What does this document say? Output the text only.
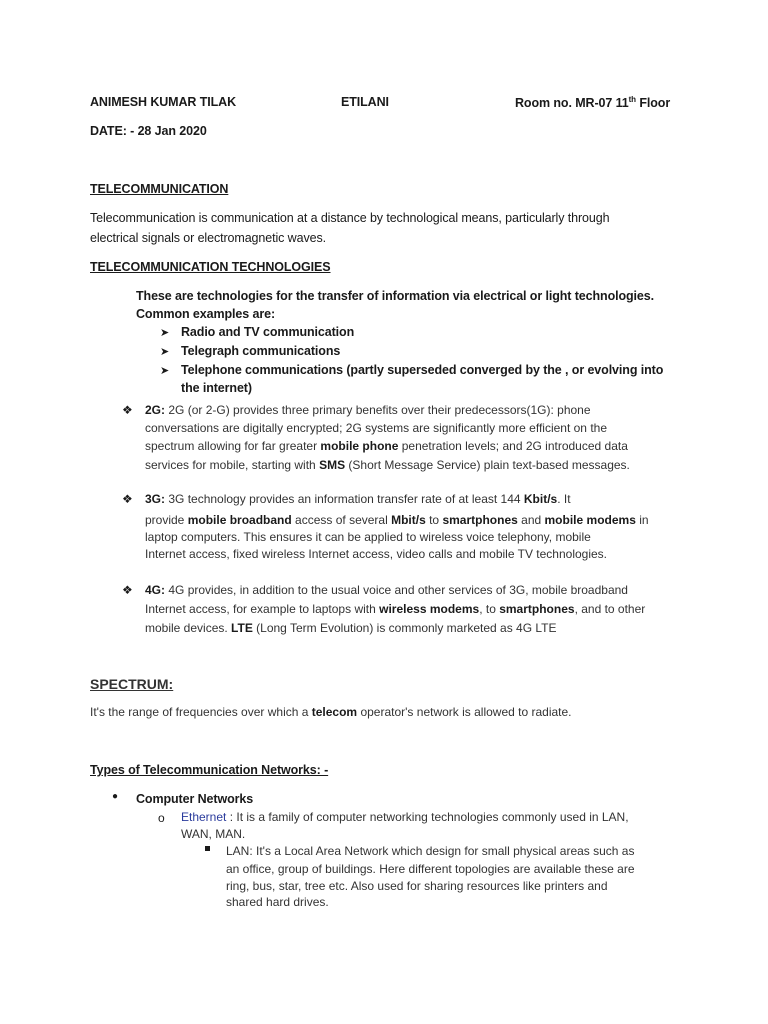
ANIMESH KUMAR TILAK	ETILANI	Room no. MR-07 11th Floor
DATE: - 28 Jan 2020
TELECOMMUNICATION
Telecommunication is communication at a distance by technological means, particularly through
electrical signals or electromagnetic waves.
TELECOMMUNICATION TECHNOLOGIES
These are technologies for the transfer of information via electrical or light technologies.
Common examples are:
➤ Radio and TV communication
➤ Telegraph communications
➤ Telephone communications (partly superseded converged by the , or evolving into
the internet)
❖ 2G: 2G (or 2-G) provides three primary benefits over their predecessors(1G): phone
conversations are digitally encrypted; 2G systems are significantly more efficient on the
spectrum allowing for far greater mobile phone penetration levels; and 2G introduced data
services for mobile, starting with SMS (Short Message Service) plain text-based messages.
❖ 3G: 3G technology provides an information transfer rate of at least 144 Kbit/s. It
provide mobile broadband access of several Mbit/s to smartphones and mobile modems in
laptop computers. This ensures it can be applied to wireless voice telephony, mobile
Internet access, fixed wireless Internet access, video calls and mobile TV technologies.
❖ 4G: 4G provides, in addition to the usual voice and other services of 3G, mobile broadband
Internet access, for example to laptops with wireless modems, to smartphones, and to other
mobile devices. LTE (Long Term Evolution) is commonly marketed as 4G LTE
SPECTRUM:
It's the range of frequencies over which a telecom operator's network is allowed to radiate.
Types of Telecommunication Networks: -
● Computer Networks
o Ethernet : It is a family of computer networking technologies commonly used in LAN,
WAN, MAN.
LAN: It's a Local Area Network which design for small physical areas such as
an office, group of buildings. Here different topologies are available these are
ring, bus, star, tree etc. Also used for sharing resources like printers and
shared hard drives.
